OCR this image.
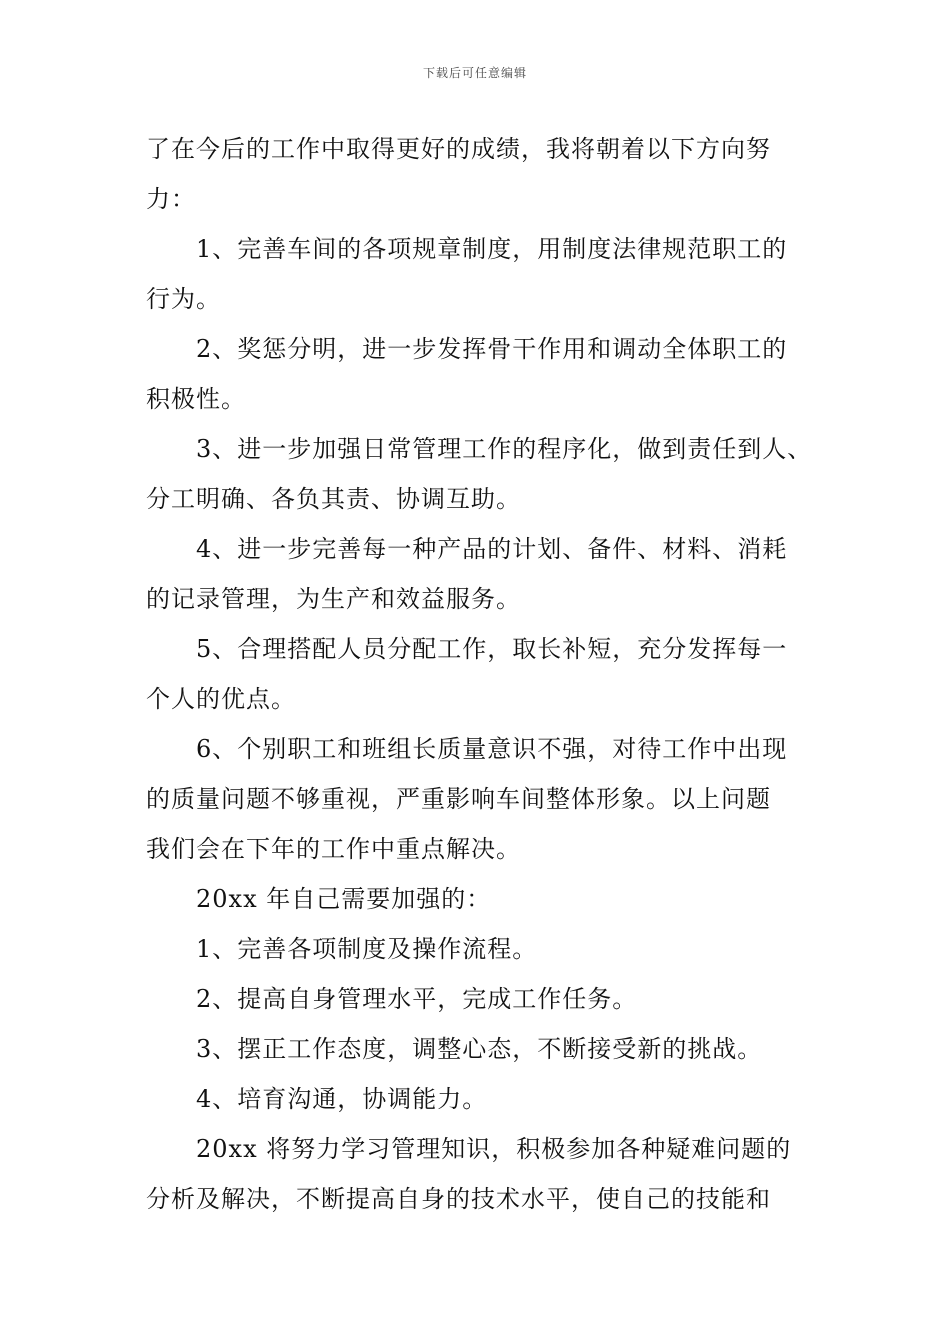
下载后可任意编辑

了在今后的工作中取得更好的成绩，我将朝着以下方向努

力：

1、完善车间的各项规章制度，用制度法律规范职工的

行为。

2、奖惩分明，进一步发挥骨干作用和调动全体职工的

积极性。

3、进一步加强日常管理工作的程序化，做到责任到人、

分工明确、各负其责、协调互助。

4、进一步完善每一种产品的计划、备件、材料、消耗

的记录管理，为生产和效益服务。

5、合理搭配人员分配工作，取长补短，充分发挥每一

个人的优点。

6、个别职工和班组长质量意识不强，对待工作中出现

的质量问题不够重视，严重影响车间整体形象。以上问题

我们会在下年的工作中重点解决。

20xx 年自己需要加强的：

1、完善各项制度及操作流程。

2、提高自身管理水平，完成工作任务。

3、摆正工作态度，调整心态，不断接受新的挑战。

4、培育沟通，协调能力。

20xx 将努力学习管理知识，积极参加各种疑难问题的

分析及解决，不断提高自身的技术水平，使自己的技能和
